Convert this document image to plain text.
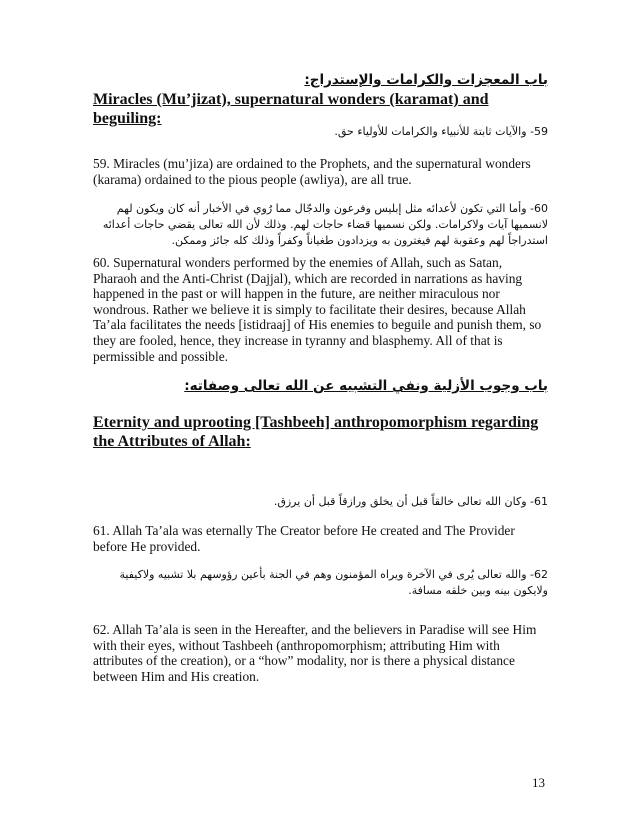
باب المعجزات والكرامات والإستدراج:
Miracles (Mu’jizat), supernatural wonders (karamat) and beguiling:
59- والآيات ثابتة للأنبياء والكرامات للأولياء حق.
59. Miracles (mu’jiza) are ordained to the Prophets, and the supernatural wonders (karama) ordained to the pious people (awliya), are all true.
60- وأما التي تكون لأعدائه مثل إبليس وفرعون والدجّال مما رُوي في الأخبار أنه كان ويكون لهم لانسميها آيات ولاكرامات. ولكن نسميها قضاء حاجات لهم. وذلك لأن الله تعالى يقضي حاجات أعدائه استدراجاً لهم وعقوبة لهم فيغترون به ويزدادون طغياناً وكفراً وذلك كله جائز وممكن.
60. Supernatural wonders performed by the enemies of Allah, such as Satan, Pharaoh and the Anti-Christ (Dajjal), which are recorded in narrations as having happened in the past or will happen in the future, are neither miraculous nor wondrous. Rather we believe it is simply to facilitate their desires, because Allah Ta’ala facilitates the needs [istidraaj] of His enemies to beguile and punish them, so they are fooled, hence, they increase in tyranny and blasphemy. All of that is permissible and possible.
باب وجوب الأزلية ونفي التشبيه عن الله تعالى وصفاته:
Eternity and uprooting [Tashbeeh] anthropomorphism regarding the Attributes of Allah:
61- وكان الله تعالى خالقاً قبل أن يخلق ورازقاً قبل أن يرزق.
61. Allah Ta’ala was eternally The Creator before He created and The Provider before He provided.
62- والله تعالى يُرى في الآخرة ويراه المؤمنون وهم في الجنة بأعين رؤوسهم بلا تشبيه ولاكيفية ولايكون بينه وبين خلقه مسافة.
62. Allah Ta’ala is seen in the Hereafter, and the believers in Paradise will see Him with their eyes, without Tashbeeh (anthropomorphism; attributing Him with attributes of the creation), or a “how” modality, nor is there a physical distance between Him and His creation.
13
